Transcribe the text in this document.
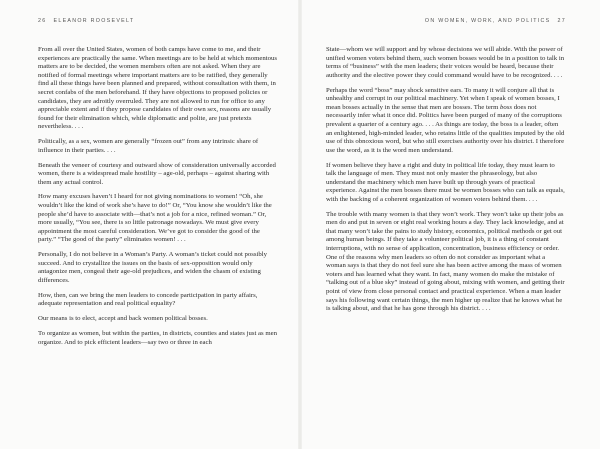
26 ELEANOR ROOSEVELT

From all over the United States, women of both camps have come to me, and their experiences are practically the same. When meetings are to be held at which momentous matters are to be decided, the women members often are not asked. When they are notified of formal meetings where important matters are to be ratified, they generally find all these things have been planned and prepared, without consultation with them, in secret confabs of the men beforehand. If they have objections to proposed policies or candidates, they are adroitly overruled. They are not allowed to run for office to any appreciable extent and if they propose candidates of their own sex, reasons are usually found for their elimination which, while diplomatic and polite, are just pretexts nevertheless. . . .

Politically, as a sex, women are generally “frozen out” from any intrinsic share of influence in their parties. . . .

Beneath the veneer of courtesy and outward show of consideration universally accorded women, there is a widespread male hostility – age-old, perhaps – against sharing with them any actual control.

How many excuses haven’t I heard for not giving nominations to women! “Oh, she wouldn’t like the kind of work she’s have to do!” Or, “You know she wouldn’t like the people she’d have to associate with—that’s not a job for a nice, refined woman.” Or, more usually, “You see, there is so little patronage nowadays. We must give every appointment the most careful consideration. We’ve got to consider the good of the party.” “The good of the party” eliminates women! . . .

Personally, I do not believe in a Woman’s Party. A woman’s ticket could not possibly succeed. And to crystallize the issues on the basis of sex-opposition would only antagonize men, congeal their age-old prejudices, and widen the chasm of existing differences.

How, then, can we bring the men leaders to concede participation in party affairs, adequate representation and real political equality?

Our means is to elect, accept and back women political bosses.

To organize as women, but within the parties, in districts, counties and states just as men organize. And to pick efficient leaders—say two or three in each

ON WOMEN, WORK, AND POLITICS 27

State—whom we will support and by whose decisions we will abide. With the power of unified women voters behind them, such women bosses would be in a position to talk in terms of “business” with the men leaders; their voices would be heard, because their authority and the elective power they could command would have to be recognized. . . .

Perhaps the word “boss” may shock sensitive ears. To many it will conjure all that is unhealthy and corrupt in our political machinery. Yet when I speak of women bosses, I mean bosses actually in the sense that men are bosses. The term boss does not necessarily infer what it once did. Politics have been purged of many of the corruptions prevalent a quarter of a century ago. . . . As things are today, the boss is a leader, often an enlightened, high-minded leader, who retains little of the qualities imputed by the old use of this obnoxious word, but who still exercises authority over his district. I therefore use the word, as it is the word men understand.

If women believe they have a right and duty in political life today, they must learn to talk the language of men. They must not only master the phraseology, but also understand the machinery which men have built up through years of practical experience. Against the men bosses there must be women bosses who can talk as equals, with the backing of a coherent organization of women voters behind them. . . .

The trouble with many women is that they won’t work. They won’t take up their jobs as men do and put in seven or eight real working hours a day. They lack knowledge, and at that many won’t take the pains to study history, economics, political methods or get out among human beings. If they take a volunteer political job, it is a thing of constant interruptions, with no sense of application, concentration, business efficiency or order. One of the reasons why men leaders so often do not consider as important what a woman says is that they do not feel sure she has been active among the mass of women voters and has learned what they want. In fact, many women do make the mistake of “talking out of a blue sky” instead of going about, mixing with women, and getting their point of view from close personal contact and practical experience. When a man leader says his following want certain things, the men higher up realize that he knows what he is talking about, and that he has gone through his district. . . .
